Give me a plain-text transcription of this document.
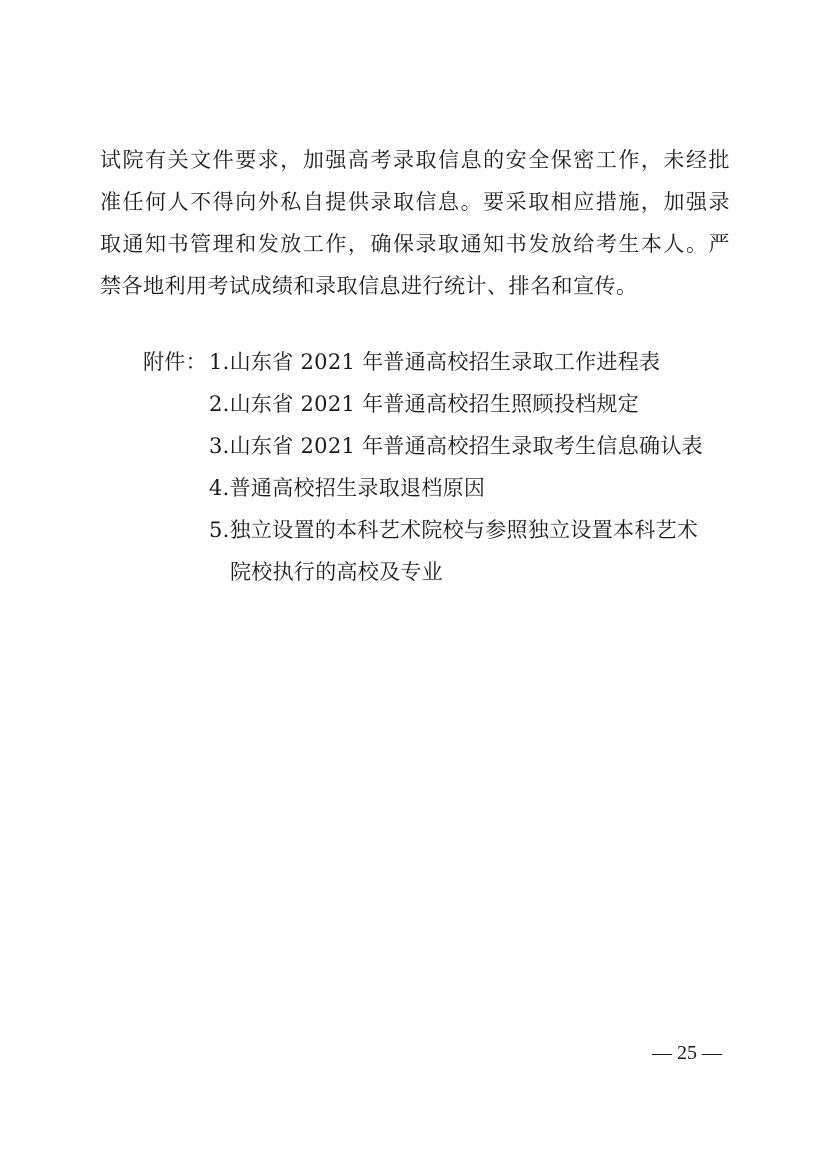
试院有关文件要求，加强高考录取信息的安全保密工作，未经批
准任何人不得向外私自提供录取信息。要采取相应措施，加强录
取通知书管理和发放工作，确保录取通知书发放给考生本人。严
禁各地利用考试成绩和录取信息进行统计、排名和宣传。
附件： 1.山东省 2021 年普通高校招生录取工作进程表
2.山东省 2021 年普通高校招生照顾投档规定
3.山东省 2021 年普通高校招生录取考生信息确认表
4.普通高校招生录取退档原因
5.独立设置的本科艺术院校与参照独立设置本科艺术
院校执行的高校及专业
— 25 —
